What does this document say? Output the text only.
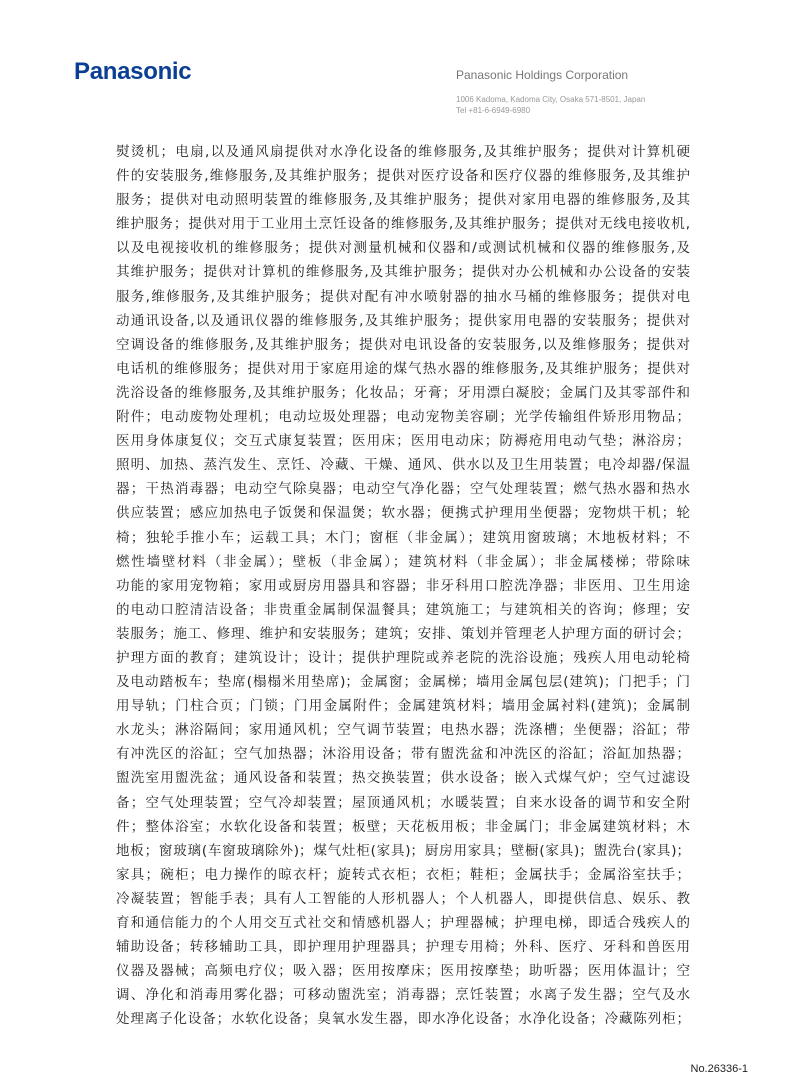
Panasonic	Panasonic Holdings Corporation
1006 Kadoma, Kadoma City, Osaka 571-8501, Japan
Tel +81-6-6949-6980
熨烫机；电扇,以及通风扇提供对水净化设备的维修服务,及其维护服务；提供对计算机硬
件的安装服务,维修服务,及其维护服务；提供对医疗设备和医疗仪器的维修服务,及其维护
服务；提供对电动照明装置的维修服务,及其维护服务；提供对家用电器的维修服务,及其
维护服务；提供对用于工业用土烹饪设备的维修服务,及其维护服务；提供对无线电接收机,
以及电视接收机的维修服务；提供对测量机械和仪器和/或测试机械和仪器的维修服务,及
其维护服务；提供对计算机的维修服务,及其维护服务；提供对办公机械和办公设备的安装
服务,维修服务,及其维护服务；提供对配有冲水喷射器的抽水马桶的维修服务；提供对电
动通讯设备,以及通讯仪器的维修服务,及其维护服务；提供家用电器的安装服务；提供对
空调设备的维修服务,及其维护服务；提供对电讯设备的安装服务,以及维修服务；提供对
电话机的维修服务；提供对用于家庭用途的煤气热水器的维修服务,及其维护服务；提供对
洗浴设备的维修服务,及其维护服务；化妆品；牙膏；牙用漂白凝胶；金属门及其零部件和
附件；电动废物处理机；电动垃圾处理器；电动宠物美容刷；光学传输组件矫形用物品；
医用身体康复仪；交互式康复装置；医用床；医用电动床；防褥疮用电动气垫；淋浴房；
照明、加热、蒸汽发生、烹饪、冷藏、干燥、通风、供水以及卫生用装置；电冷却器/保温
器；干热消毒器；电动空气除臭器；电动空气净化器；空气处理装置；燃气热水器和热水
供应装置；感应加热电子饭煲和保温煲；软水器；便携式护理用坐便器；宠物烘干机；轮
椅；独轮手推小车；运载工具；木门；窗框（非金属）；建筑用窗玻璃；木地板材料；不
燃性墙壁材料（非金属）；壁板（非金属）；建筑材料（非金属）；非金属楼梯；带除味
功能的家用宠物箱；家用或厨房用器具和容器；非牙科用口腔洗净器；非医用、卫生用途
的电动口腔清洁设备；非贵重金属制保温餐具；建筑施工；与建筑相关的咨询；修理；安
装服务；施工、修理、维护和安装服务；建筑；安排、策划并管理老人护理方面的研讨会；
护理方面的教育；建筑设计；设计；提供护理院或养老院的洗浴设施；残疾人用电动轮椅
及电动踏板车；垫席(榻榻米用垫席)；金属窗；金属梯；墙用金属包层(建筑)；门把手；门
用导轨；门柱合页；门锁；门用金属附件；金属建筑材料；墙用金属衬料(建筑)；金属制
水龙头；淋浴隔间；家用通风机；空气调节装置；电热水器；洗涤槽；坐便器；浴缸；带
有冲洗区的浴缸；空气加热器；沐浴用设备；带有盥洗盆和冲洗区的浴缸；浴缸加热器；
盥洗室用盥洗盆；通风设备和装置；热交换装置；供水设备；嵌入式煤气炉；空气过滤设
备；空气处理装置；空气冷却装置；屋顶通风机；水暖装置；自来水设备的调节和安全附
件；整体浴室；水软化设备和装置；板壁；天花板用板；非金属门；非金属建筑材料；木
地板；窗玻璃(车窗玻璃除外)；煤气灶柜(家具)；厨房用家具；壁橱(家具)；盥洗台(家具)；
家具；碗柜；电力操作的晾衣杆；旋转式衣柜；衣柜；鞋柜；金属扶手；金属浴室扶手；
冷凝装置；智能手表；具有人工智能的人形机器人；个人机器人，即提供信息、娱乐、教
育和通信能力的个人用交互式社交和情感机器人；护理器械；护理电梯，即适合残疾人的
辅助设备；转移辅助工具，即护理用护理器具；护理专用椅；外科、医疗、牙科和兽医用
仪器及器械；高频电疗仪；吸入器；医用按摩床；医用按摩垫；助听器；医用体温计；空
调、净化和消毒用雾化器；可移动盥洗室；消毒器；烹饪装置；水离子发生器；空气及水
处理离子化设备；水软化设备；臭氧水发生器，即水净化设备；水净化设备；冷藏陈列柜；
No.26336-1
